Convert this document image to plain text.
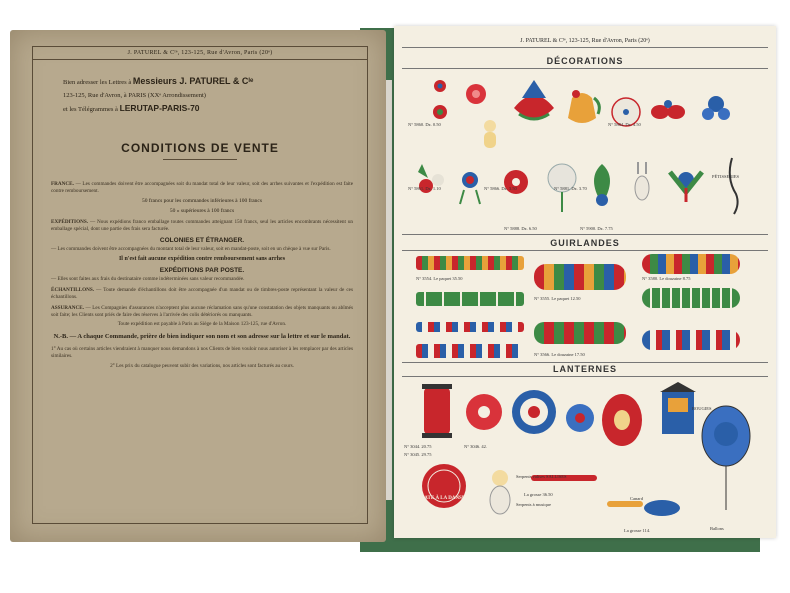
J. PATUREL & Cᴵᵉ, 123-125, Rue d'Avron, Paris (20ᵉ)
Bien adresser les Lettres à Messieurs J. PATUREL & Cᴵᵉ
123-125, Rue d'Avron, à PARIS (XXᵉ Arrondissement)
et les Télégrammes à LERUTAP-PARIS-70
CONDITIONS DE VENTE
FRANCE. — Les commandes doivent être accompagnées soit du mandat total de leur valeur, soit des arrhes suivantes et l'expédition est faite contre remboursement.
50 francs pour les commandes inférieures à 100 francs
50 » supérieures à 100 francs
EXPÉDITIONS. — Nous expédions franco emballage toutes commandes atteignant 150 francs, seul les articles encombrants nécessitent un emballage spécial, dont une partie des frais sera facturée.
COLONIES ET ÉTRANGER.
— Les commandes doivent être accompagnées du montant total de leur valeur, soit en mandat-poste, soit en un chèque à vue sur Paris.
Il n'est fait aucune expédition contre remboursement sans arrhes
EXPÉDITIONS PAR POSTE.
— Elles sont faites aux frais du destinataire comme indéterminées sans valeur recommandée.
ÉCHANTILLONS. — Toute demande d'échantillons doit être accompagnée d'un mandat ou de timbres-poste représentant la valeur de ces échantillons.
ASSURANCE. — Les Compagnies d'assurances n'acceptent plus aucune réclamation sans qu'une constatation des objets manquants ou abîmés soit faite; les Clients sont priés de faire des réserves à l'arrivée des colis détériorés ou manquants.
Toute expédition est payable à Paris au Siège de la Maison 123-125, rue d'Avron.
N.-B. — A chaque Commande, prière de bien indiquer son nom et son adresse sur la lettre et sur le mandat.
1° Au cas où certains articles viendraient à manquer nous demandons à nos Clients de bien vouloir nous autoriser à les remplacer par des articles similaires.
2° Les prix du catalogue peuvent subir des variations, nos articles sont facturés au cours.
J. PATUREL & Cᴵᵉ, 123-125, Rue d'Avron, Paris (20ᵉ)
DÉCORATIONS
N° 5860. Dz. 0.50
N° 5861. Dz. 1.10	N° 5866. Dz. 3.50	N° 5881. Dz. 3.70
N° 5884. Dz. 4.50
N° 5888. Dz. 6.50	N° 5900. Dz. 7.75
PÉTISSERIES
GUIRLANDES
N° 3554. Le paquet 35.50
N° 3555. Le paquet 12.50
N° 3566. Le douzaine 17.50
N° 3580. Le douzaine 8.75
LANTERNES
RÉLATE À LA DANSE
N° 3044. 20.75
N° 3045. 29.75
N° 3046. 42.
Serpents valises SALLISES
La grosse 36.50
Serpents à musique
Canard
BOUGIES
Ballons
La grosse 114.
